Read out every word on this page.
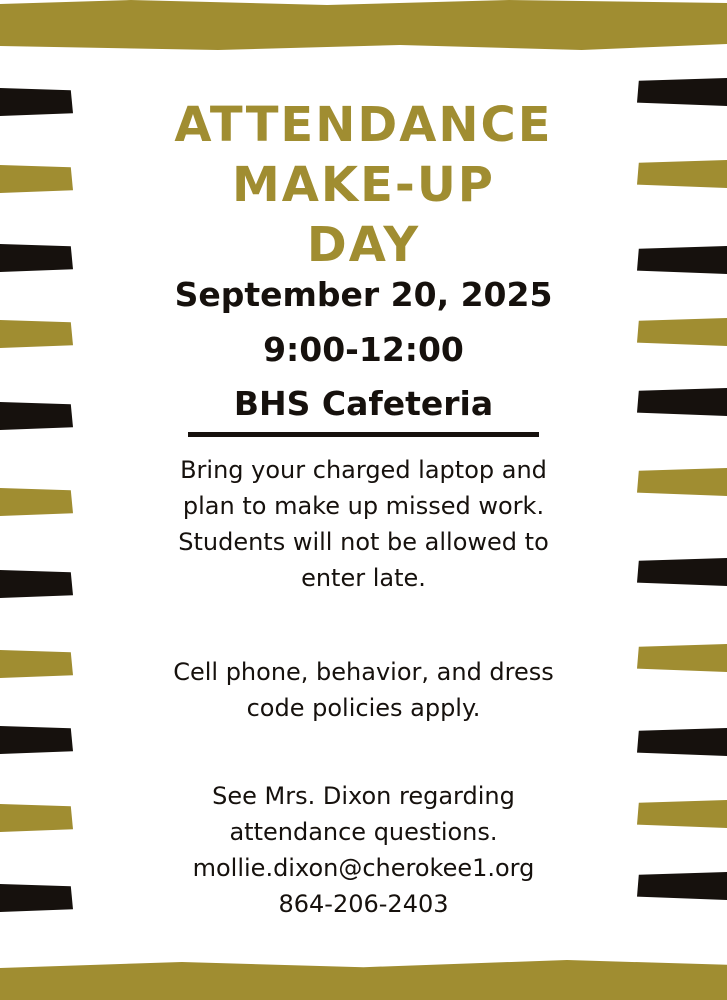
ATTENDANCE
MAKE-UP
DAY
September 20, 2025
9:00-12:00
BHS Cafeteria
Bring your charged laptop and
plan to make up missed work.
Students will not be allowed to
enter late.
Cell phone, behavior, and dress
code policies apply.
See Mrs. Dixon regarding
attendance questions.
mollie.dixon@cherokee1.org
864-206-2403
